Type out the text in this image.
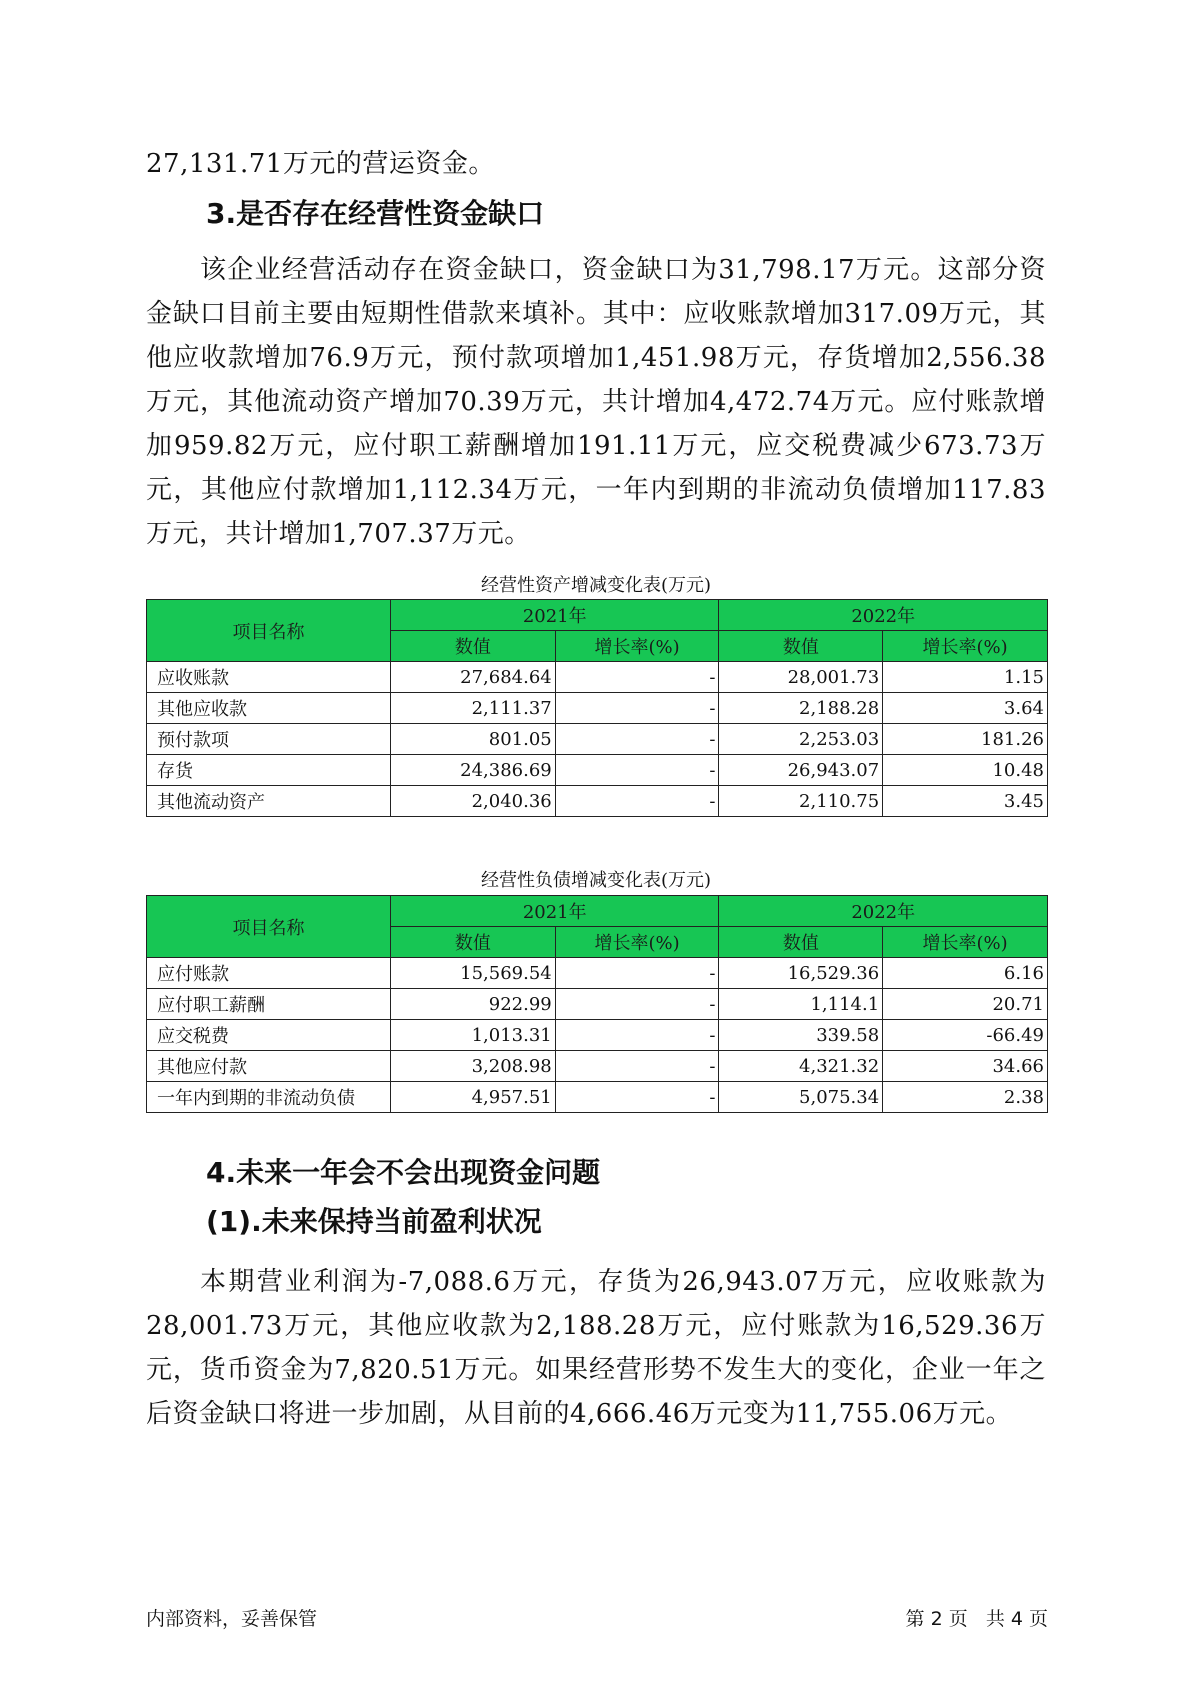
27,131.71万元的营运资金。

3.是否存在经营性资金缺口

该企业经营活动存在资金缺口，资金缺口为31,798.17万元。这部分资金缺口目前主要由短期性借款来填补。其中：应收账款增加317.09万元，其他应收款增加76.9万元，预付款项增加1,451.98万元，存货增加2,556.38万元，其他流动资产增加70.39万元，共计增加4,472.74万元。应付账款增加959.82万元，应付职工薪酬增加191.11万元，应交税费减少673.73万元，其他应付款增加1,112.34万元，一年内到期的非流动负债增加117.83万元，共计增加1,707.37万元。

经营性资产增减变化表(万元)

项目名称	2021年		2022年	
	数值	增长率(%)	数值	增长率(%)
应收账款	27,684.64	-	28,001.73	1.15
其他应收款	2,111.37	-	2,188.28	3.64
预付款项	801.05	-	2,253.03	181.26
存货	24,386.69	-	26,943.07	10.48
其他流动资产	2,040.36	-	2,110.75	3.45

经营性负债增减变化表(万元)

项目名称	2021年		2022年	
	数值	增长率(%)	数值	增长率(%)
应付账款	15,569.54	-	16,529.36	6.16
应付职工薪酬	922.99	-	1,114.1	20.71
应交税费	1,013.31	-	339.58	-66.49
其他应付款	3,208.98	-	4,321.32	34.66
一年内到期的非流动负债	4,957.51	-	5,075.34	2.38
4.未来一年会不会出现资金问题
(1).未来保持当前盈利状况

本期营业利润为-7,088.6万元，存货为26,943.07万元，应收账款为28,001.73万元，其他应收款为2,188.28万元，应付账款为16,529.36万元，货币资金为7,820.51万元。如果经营形势不发生大的变化，企业一年之后资金缺口将进一步加剧，从目前的4,666.46万元变为11,755.06万元。

内部资料，妥善保管	第 2 页   共 4 页
